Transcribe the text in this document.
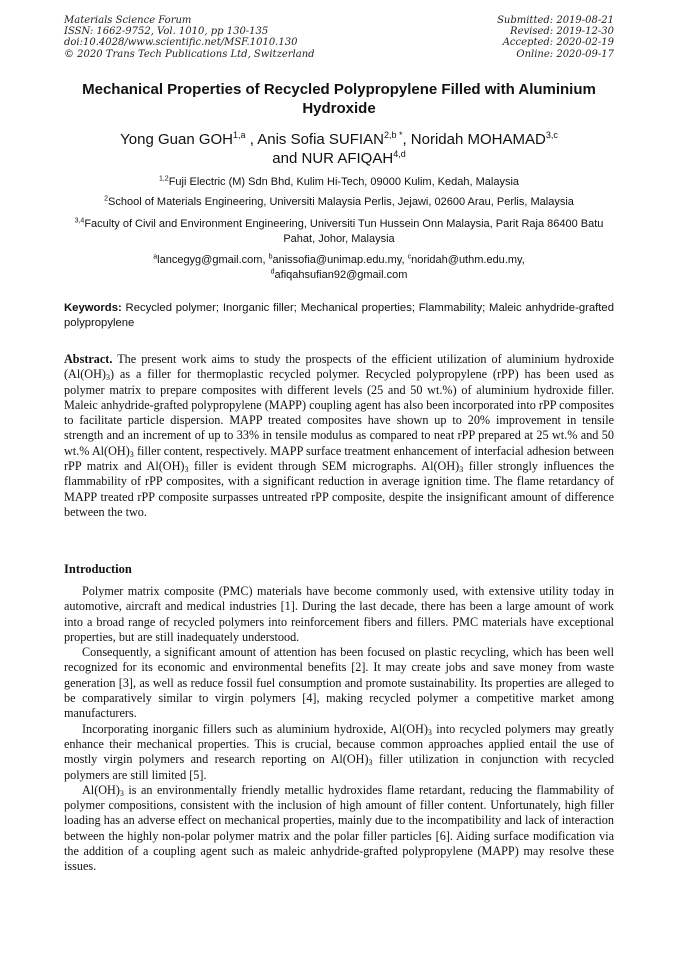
Materials Science Forum
ISSN: 1662-9752, Vol. 1010, pp 130-135
doi:10.4028/www.scientific.net/MSF.1010.130
© 2020 Trans Tech Publications Ltd, Switzerland
Submitted: 2019-08-21
Revised: 2019-12-30
Accepted: 2020-02-19
Online: 2020-09-17
Mechanical Properties of Recycled Polypropylene Filled with Aluminium Hydroxide
Yong Guan GOH$^{1,a}$ , Anis Sofia $SUFIAN^{2,b *}$, Noridah MOHAMAD$^{3,c}$
and NUR AFIQAH$^{4,d}$
$^{1,2}$Fuji Electric (M) Sdn Bhd, Kulim Hi-Tech, 09000 Kulim, Kedah, Malaysia
$^2$School of Materials Engineering, Universiti Malaysia Perlis, Jejawi, 02600 Arau, Perlis, Malaysia
$^{3,4}$Faculty of Civil and Environment Engineering, Universiti Tun Hussein Onn Malaysia, Parit Raja 86400 Batu Pahat, Johor, Malaysia
$^a$lancegyg@gmail.com, $^b$anissofia@unimap.edu.my, $^c$noridah@uthm.edu.my,
$^d$afiqahsufian92@gmail.com
Keywords: Recycled polymer; Inorganic filler; Mechanical properties; Flammability; Maleic anhydride-grafted polypropylene
Abstract. The present work aims to study the prospects of the efficient utilization of aluminium hydroxide $(Al(OH)_3)$ as a filler for thermoplastic recycled polymer. Recycled polypropylene (rPP) has been used as polymer matrix to prepare composites with different levels (25 and 50 wt.%) of aluminium hydroxide filler. Maleic anhydride-grafted polypropylene (MAPP) coupling agent has also been incorporated into rPP composites to facilitate particle dispersion. MAPP treated composites have shown up to 20% improvement in tensile strength and an increment of up to 33% in tensile modulus as compared to neat rPP prepared at 25 wt.% and 50 wt.% $Al(OH)_3$ filler content, respectively. MAPP surface treatment enhancement of interfacial adhesion between rPP matrix and $Al(OH)_3$ filler is evident through SEM micrographs. $Al(OH)_3$ filler strongly influences the flammability of rPP composites, with a significant reduction in average ignition time. The flame retardancy of MAPP treated rPP composite surpasses untreated rPP composite, despite the insignificant amount of difference between the two.
Introduction

Polymer matrix composite (PMC) materials have become commonly used, with extensive utility today in automotive, aircraft and medical industries [1]. During the last decade, there has been a large amount of work into a broad range of recycled polymers into reinforcement fibers and fillers. PMC materials have exceptional properties, but are still inadequately understood.

Consequently, a significant amount of attention has been focused on plastic recycling, which has been well recognized for its economic and environmental benefits [2]. It may create jobs and save money from waste generation [3], as well as reduce fossil fuel consumption and promote sustainability. Its properties are alleged to be comparatively similar to virgin polymers [4], making recycled polymer a competitive market among manufacturers.

Incorporating inorganic fillers such as aluminium hydroxide, $Al(OH)_3$ into recycled polymers may greatly enhance their mechanical properties. This is crucial, because common approaches applied entail the use of mostly virgin polymers and research reporting on $Al(OH)_3$ filler utilization in conjunction with recycled polymers are still limited [5].

$Al(OH)_3$ is an environmentally friendly metallic hydroxides flame retardant, reducing the flammability of polymer compositions, consistent with the inclusion of high amount of filler content. Unfortunately, high filler loading has an adverse effect on mechanical properties, mainly due to the incompatibility and lack of interaction between the highly non-polar polymer matrix and the polar filler particles [6]. Aiding surface modification via the addition of a coupling agent such as maleic anhydride-grafted polypropylene (MAPP) may resolve these issues.
